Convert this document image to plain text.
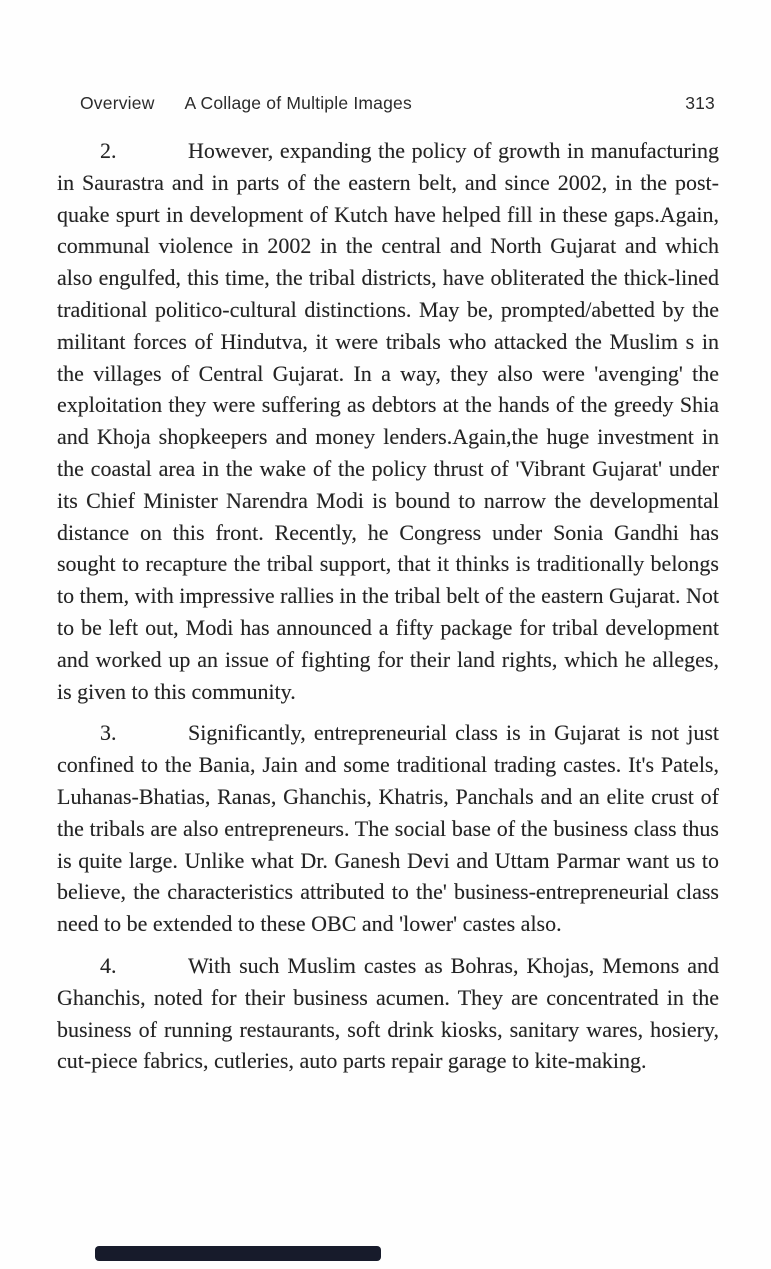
Overview A Collage of Multiple Images	313

2.	However, expanding the policy of growth in manufacturing in Saurastra and in parts of the eastern belt, and since 2002, in the post-quake spurt in development of Kutch have helped fill in these gaps.Again, communal violence in 2002 in the central and North Gujarat and which also engulfed, this time, the tribal districts, have obliterated the thick-lined traditional politico-cultural distinctions. May be, prompted/abetted by the militant forces of Hindutva, it were tribals who attacked the Muslim s in the villages of Central Gujarat. In a way, they also were 'avenging' the exploitation they were suffering as debtors at the hands of the greedy Shia and Khoja shopkeepers and money lenders.Again,the huge investment in the coastal area in the wake of the policy thrust of 'Vibrant Gujarat' under its Chief Minister Narendra Modi is bound to narrow the developmental distance on this front. Recently, he Congress under Sonia Gandhi has sought to recapture the tribal support, that it thinks is traditionally belongs to them, with impressive rallies in the tribal belt of the eastern Gujarat. Not to be left out, Modi has announced a fifty package for tribal development and worked up an issue of fighting for their land rights, which he alleges, is given to this community.

3.	Significantly, entrepreneurial class is in Gujarat is not just confined to the Bania, Jain and some traditional trading castes. It's Patels, Luhanas-Bhatias, Ranas, Ghanchis, Khatris, Panchals and an elite crust of the tribals are also entrepreneurs. The social base of the business class thus is quite large. Unlike what Dr. Ganesh Devi and Uttam Parmar want us to believe, the characteristics attributed to the' business-entrepreneurial class need to be extended to these OBC and 'lower' castes also.

4.	With such Muslim castes as Bohras, Khojas, Memons and Ghanchis, noted for their business acumen. They are concentrated in the business of running restaurants, soft drink kiosks, sanitary wares, hosiery, cut-piece fabrics, cutleries, auto parts repair garage to kite-making.
